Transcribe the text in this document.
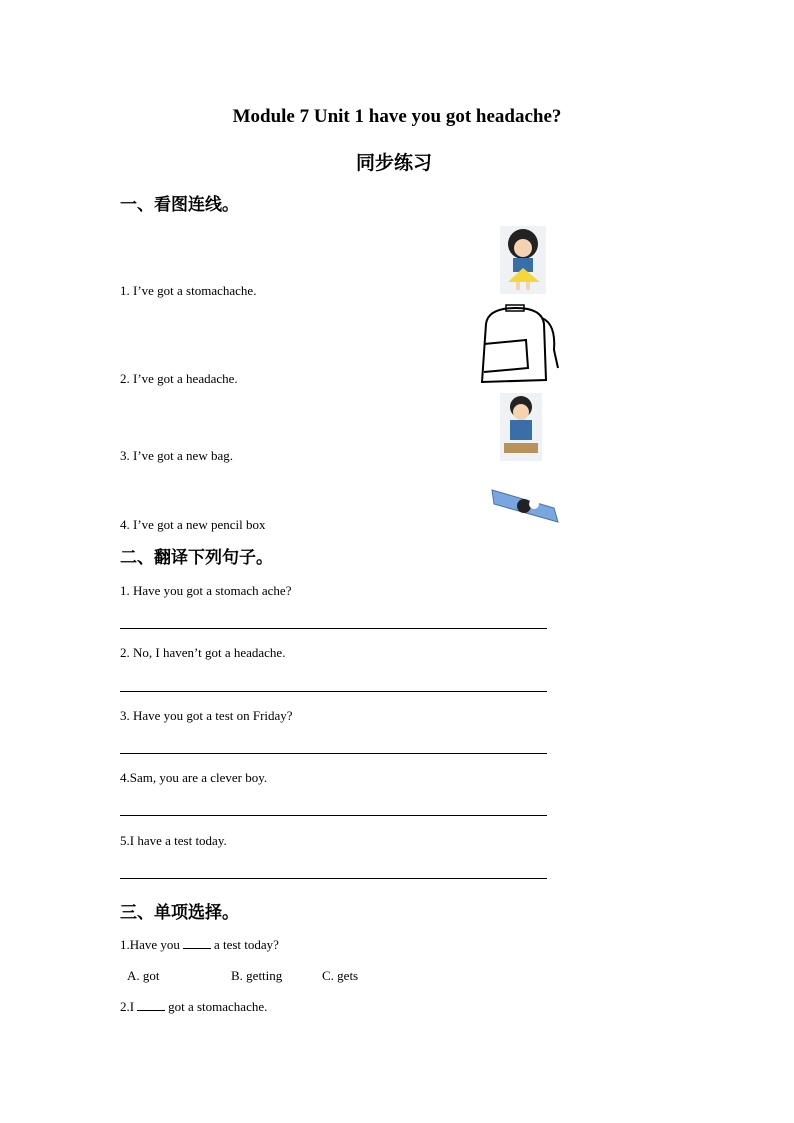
Module 7 Unit 1 have you got headache?
同步练习
一、看图连线。
1. I’ve got a stomachache.
2. I’ve got a headache.
3. I’ve got a new bag.
4. I’ve got a new pencil box
二、翻译下列句子。
1. Have you got a stomach ache?
2. No, I haven’t got a headache.
3. Have you got a test on Friday?
4.Sam, you are a clever boy.
5.I have a test today.
三、单项选择。
1.Have you	a test today?
A. got	B. getting	C. gets
2.I	got a stomachache.
